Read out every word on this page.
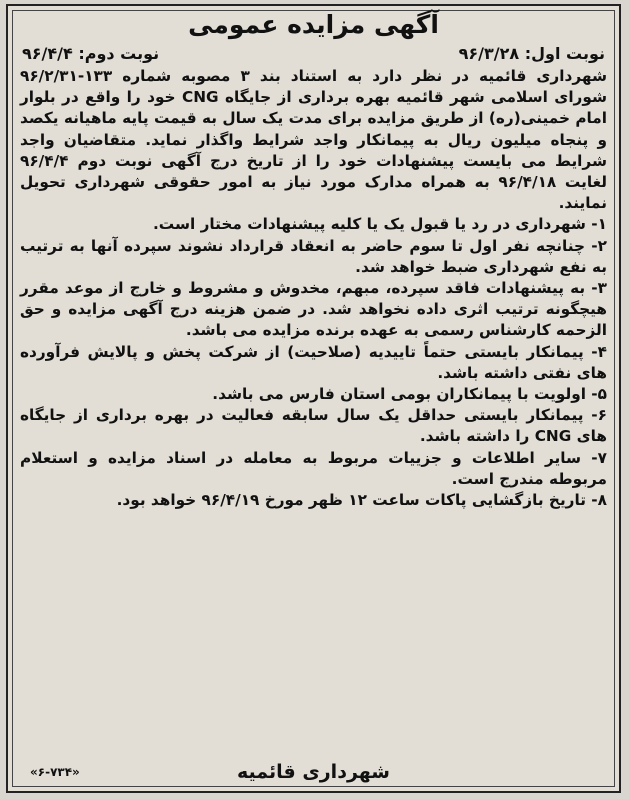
آگهی مزایده عمومی
نوبت اول: ۹۶/۳/۲۸
نوبت دوم: ۹۶/۴/۴

شهرداری قائمیه در نظر دارد به استناد بند ۳ مصوبه شماره ۱۳۳-۹۶/۲/۳۱ شورای اسلامی شهر قائمیه بهره برداری از جایگاه CNG خود را واقع در بلوار امام خمینی(ره) از طریق مزایده برای مدت یک سال به قیمت پایه ماهیانه یکصد و پنجاه میلیون ریال به پیمانکار واجد شرایط واگذار نماید. متقاضیان واجد شرایط می بایست پیشنهادات خود را از تاریخ درج آگهی نوبت دوم ۹۶/۴/۴ لغایت ۹۶/۴/۱۸ به همراه مدارک مورد نیاز به امور حقوقی شهرداری تحویل نمایند.

۱- شهرداری در رد یا قبول یک یا کلیه پیشنهادات مختار است.

۲- چنانچه نفر اول تا سوم حاضر به انعقاد قرارداد نشوند سپرده آنها به ترتیب به نفع شهرداری ضبط خواهد شد.

۳- به پیشنهادات فاقد سپرده، مبهم، مخدوش و مشروط و خارج از موعد مقرر هیچگونه ترتیب اثری داده نخواهد شد. در ضمن هزینه درج آگهی مزایده و حق الزحمه کارشناس رسمی به عهده برنده مزایده می باشد.

۴- پیمانکار بایستی حتماً تاییدیه (صلاحیت) از شرکت پخش و پالایش فرآورده های نفتی داشته باشد.

۵- اولویت با پیمانکاران بومی استان فارس می باشد.

۶- پیمانکار بایستی حداقل یک سال سابقه فعالیت در بهره برداری از جایگاه های CNG را داشته باشد.

۷- سایر اطلاعات و جزییات مربوط به معامله در اسناد مزایده و استعلام مربوطه مندرج است.

۸- تاریخ بازگشایی پاکات ساعت ۱۲ ظهر مورخ ۹۶/۴/۱۹ خواهد بود.

شهرداری قائمیه
«۶-۷۳۴»
